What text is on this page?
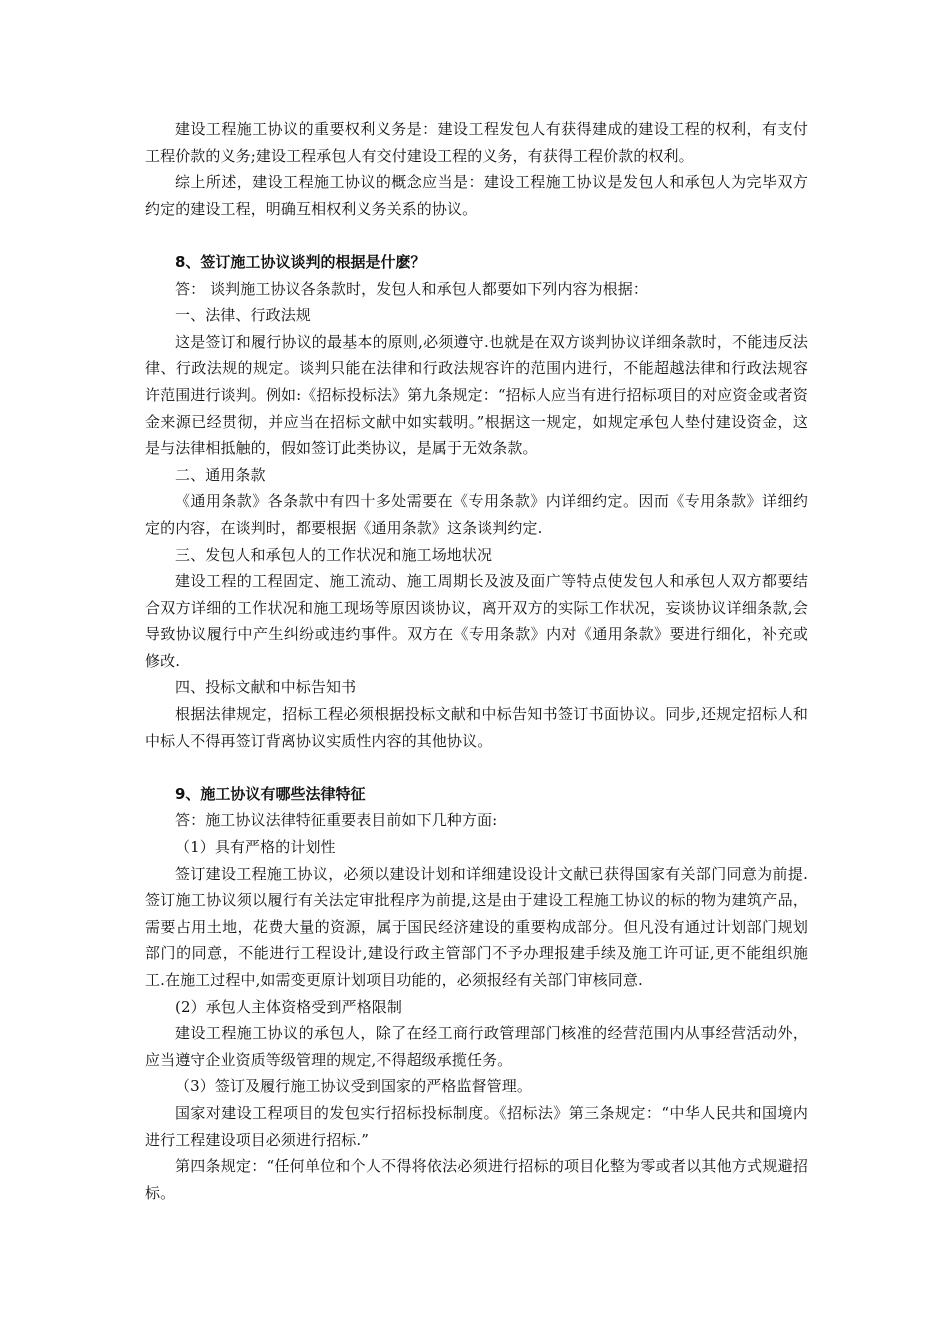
建设工程施工协议的重要权利义务是：建设工程发包人有获得建成的建设工程的权利，有支付工程价款的义务;建设工程承包人有交付建设工程的义务，有获得工程价款的权利。

综上所述，建设工程施工协议的概念应当是：建设工程施工协议是发包人和承包人为完毕双方约定的建设工程，明确互相权利义务关系的协议。

8、签订施工协议谈判的根据是什麽？

答： 谈判施工协议各条款时，发包人和承包人都要如下列内容为根据：

一、法律、行政法规

这是签订和履行协议的最基本的原则,必须遵守.也就是在双方谈判协议详细条款时，不能违反法律、行政法规的规定。谈判只能在法律和行政法规容许的范围内进行，不能超越法律和行政法规容许范围进行谈判。例如:《招标投标法》第九条规定：“招标人应当有进行招标项目的对应资金或者资金来源已经贯彻，并应当在招标文献中如实载明。”根据这一规定，如规定承包人垫付建设资金，这是与法律相抵触的，假如签订此类协议，是属于无效条款。

二、通用条款

《通用条款》各条款中有四十多处需要在《专用条款》内详细约定。因而《专用条款》详细约定的内容，在谈判时，都要根据《通用条款》这条谈判约定.

三、发包人和承包人的工作状况和施工场地状况

建设工程的工程固定、施工流动、施工周期长及波及面广等特点使发包人和承包人双方都要结合双方详细的工作状况和施工现场等原因谈协议，离开双方的实际工作状况，妄谈协议详细条款,会导致协议履行中产生纠纷或违约事件。双方在《专用条款》内对《通用条款》要进行细化，补充或修改.

四、投标文献和中标告知书

根据法律规定，招标工程必须根据投标文献和中标告知书签订书面协议。同步,还规定招标人和中标人不得再签订背离协议实质性内容的其他协议。

9、施工协议有哪些法律特征

答：施工协议法律特征重要表目前如下几种方面:

（1）具有严格的计划性

签订建设工程施工协议，必须以建设计划和详细建设设计文献已获得国家有关部门同意为前提.签订施工协议须以履行有关法定审批程序为前提,这是由于建设工程施工协议的标的物为建筑产品，需要占用土地，花费大量的资源，属于国民经济建设的重要构成部分。但凡没有通过计划部门规划部门的同意，不能进行工程设计,建设行政主管部门不予办理报建手续及施工许可证,更不能组织施工.在施工过程中,如需变更原计划项目功能的，必须报经有关部门审核同意.

(2）承包人主体资格受到严格限制

建设工程施工协议的承包人，除了在经工商行政管理部门核准的经营范围内从事经营活动外，应当遵守企业资质等级管理的规定,不得超级承揽任务。

（3）签订及履行施工协议受到国家的严格监督管理。

国家对建设工程项目的发包实行招标投标制度。《招标法》第三条规定：“中华人民共和国境内进行工程建设项目必须进行招标.”

第四条规定：“任何单位和个人不得将依法必须进行招标的项目化整为零或者以其他方式规避招标。
